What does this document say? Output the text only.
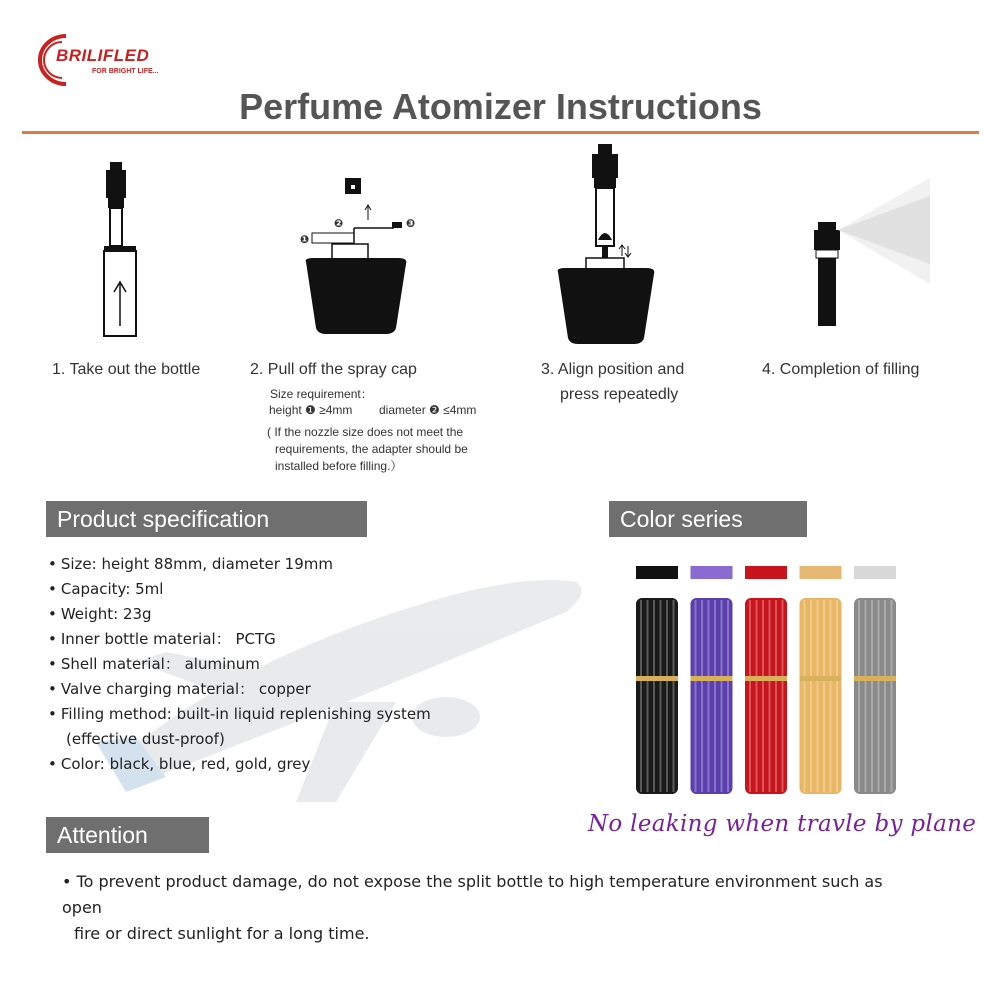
BRILIFLED
FOR BRIGHT LIFE...
Perfume Atomizer Instructions
❶
❷	❸
1. Take out the bottle	2. Pull off the spray cap	3. Align position and
press repeatedly
4. Completion of filling
Size requirement：
height ❶ ≥4mm diameter ❷ ≤4mm
( If the nozzle size does not meet the
requirements, the adapter should be
installed before filling.）
Product specification	Color series
Attention
• Size: height 88mm, diameter 19mm
• Capacity: 5ml
• Weight: 23g
• Inner bottle material： PCTG
• Shell material： aluminum
• Valve charging material： copper
• Filling method: built-in liquid replenishing system
(effective dust-proof)
• Color: black, blue, red, gold, grey
No leaking when travle by plane
• To prevent product damage, do not expose the split bottle to high temperature environment such as open
fire or direct sunlight for a long time.
